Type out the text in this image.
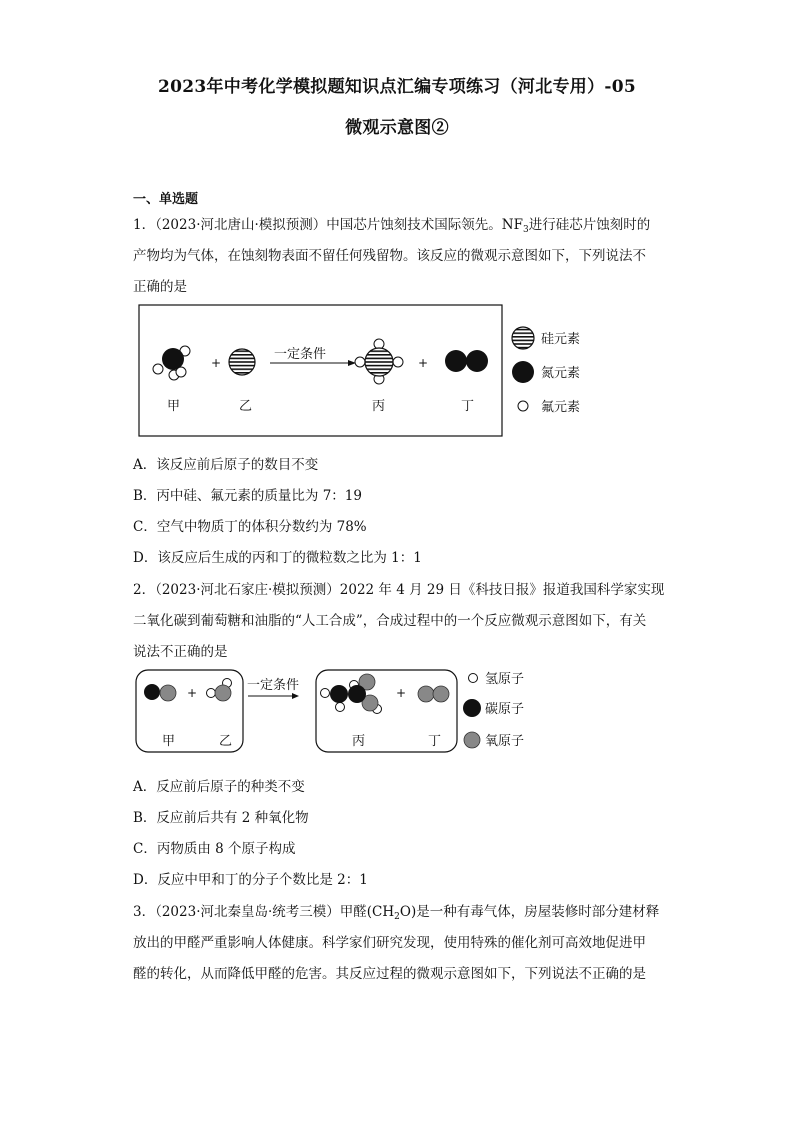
2023年中考化学模拟题知识点汇编专项练习（河北专用）-05
微观示意图②
一、单选题
1．（2023·河北唐山·模拟预测）中国芯片蚀刻技术国际领先。$NF_3$进行硅芯片蚀刻时的
产物均为气体，在蚀刻物表面不留任何残留物。该反应的微观示意图如下，下列说法不
正确的是
+
一定条件
+
甲	乙	丙	丁
硅元素
氮元素
氟元素
A．该反应前后原子的数目不变
B．丙中硅、氟元素的质量比为 7：19
C．空气中物质丁的体积分数约为 78%
D．该反应后生成的丙和丁的微粒数之比为 1：1
2．（2023·河北石家庄·模拟预测）2022 年 4 月 29 日《科技日报》报道我国科学家实现
二氧化碳到葡萄糖和油脂的“人工合成”，合成过程中的一个反应微观示意图如下，有关
说法不正确的是
+	一定条件	+
甲	乙	丙	丁
氢原子
碳原子
氧原子
A．反应前后原子的种类不变
B．反应前后共有 2 种氧化物
C．丙物质由 8 个原子构成
D．反应中甲和丁的分子个数比是 2：1
3．（2023·河北秦皇岛·统考三模）甲醛$(CH_2O)$是一种有毒气体，房屋装修时部分建材释
放出的甲醛严重影响人体健康。科学家们研究发现，使用特殊的催化剂可高效地促进甲
醛的转化，从而降低甲醛的危害。其反应过程的微观示意图如下，下列说法不正确的是
